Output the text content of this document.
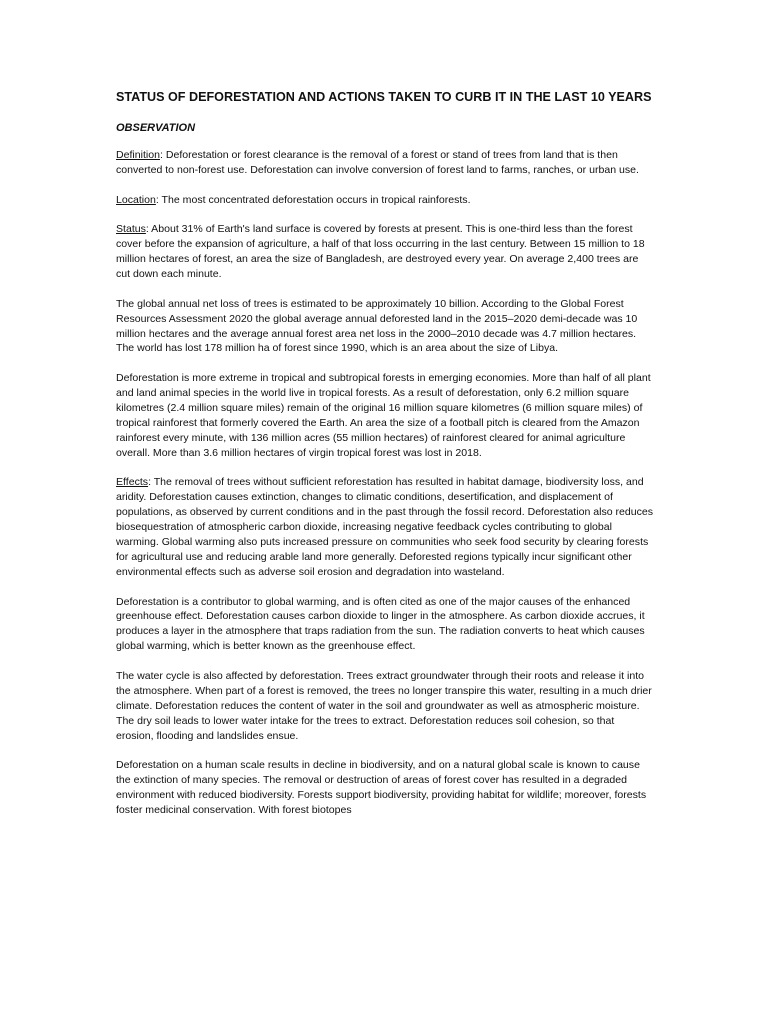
STATUS OF DEFORESTATION AND ACTIONS TAKEN TO CURB IT IN THE LAST 10 YEARS
OBSERVATION

Definition: Deforestation or forest clearance is the removal of a forest or stand of trees from land that is then converted to non-forest use. Deforestation can involve conversion of forest land to farms, ranches, or urban use.

Location: The most concentrated deforestation occurs in tropical rainforests.

Status: About 31% of Earth's land surface is covered by forests at present. This is one-third less than the forest cover before the expansion of agriculture, a half of that loss occurring in the last century. Between 15 million to 18 million hectares of forest, an area the size of Bangladesh, are destroyed every year. On average 2,400 trees are cut down each minute.

The global annual net loss of trees is estimated to be approximately 10 billion. According to the Global Forest Resources Assessment 2020 the global average annual deforested land in the 2015–2020 demi-decade was 10 million hectares and the average annual forest area net loss in the 2000–2010 decade was 4.7 million hectares. The world has lost 178 million ha of forest since 1990, which is an area about the size of Libya.

Deforestation is more extreme in tropical and subtropical forests in emerging economies. More than half of all plant and land animal species in the world live in tropical forests. As a result of deforestation, only 6.2 million square kilometres (2.4 million square miles) remain of the original 16 million square kilometres (6 million square miles) of tropical rainforest that formerly covered the Earth. An area the size of a football pitch is cleared from the Amazon rainforest every minute, with 136 million acres (55 million hectares) of rainforest cleared for animal agriculture overall. More than 3.6 million hectares of virgin tropical forest was lost in 2018.

Effects: The removal of trees without sufficient reforestation has resulted in habitat damage, biodiversity loss, and aridity. Deforestation causes extinction, changes to climatic conditions, desertification, and displacement of populations, as observed by current conditions and in the past through the fossil record. Deforestation also reduces biosequestration of atmospheric carbon dioxide, increasing negative feedback cycles contributing to global warming. Global warming also puts increased pressure on communities who seek food security by clearing forests for agricultural use and reducing arable land more generally. Deforested regions typically incur significant other environmental effects such as adverse soil erosion and degradation into wasteland.

Deforestation is a contributor to global warming, and is often cited as one of the major causes of the enhanced greenhouse effect. Deforestation causes carbon dioxide to linger in the atmosphere. As carbon dioxide accrues, it produces a layer in the atmosphere that traps radiation from the sun. The radiation converts to heat which causes global warming, which is better known as the greenhouse effect.

The water cycle is also affected by deforestation. Trees extract groundwater through their roots and release it into the atmosphere. When part of a forest is removed, the trees no longer transpire this water, resulting in a much drier climate. Deforestation reduces the content of water in the soil and groundwater as well as atmospheric moisture. The dry soil leads to lower water intake for the trees to extract. Deforestation reduces soil cohesion, so that erosion, flooding and landslides ensue.

Deforestation on a human scale results in decline in biodiversity, and on a natural global scale is known to cause the extinction of many species. The removal or destruction of areas of forest cover has resulted in a degraded environment with reduced biodiversity. Forests support biodiversity, providing habitat for wildlife; moreover, forests foster medicinal conservation. With forest biotopes
